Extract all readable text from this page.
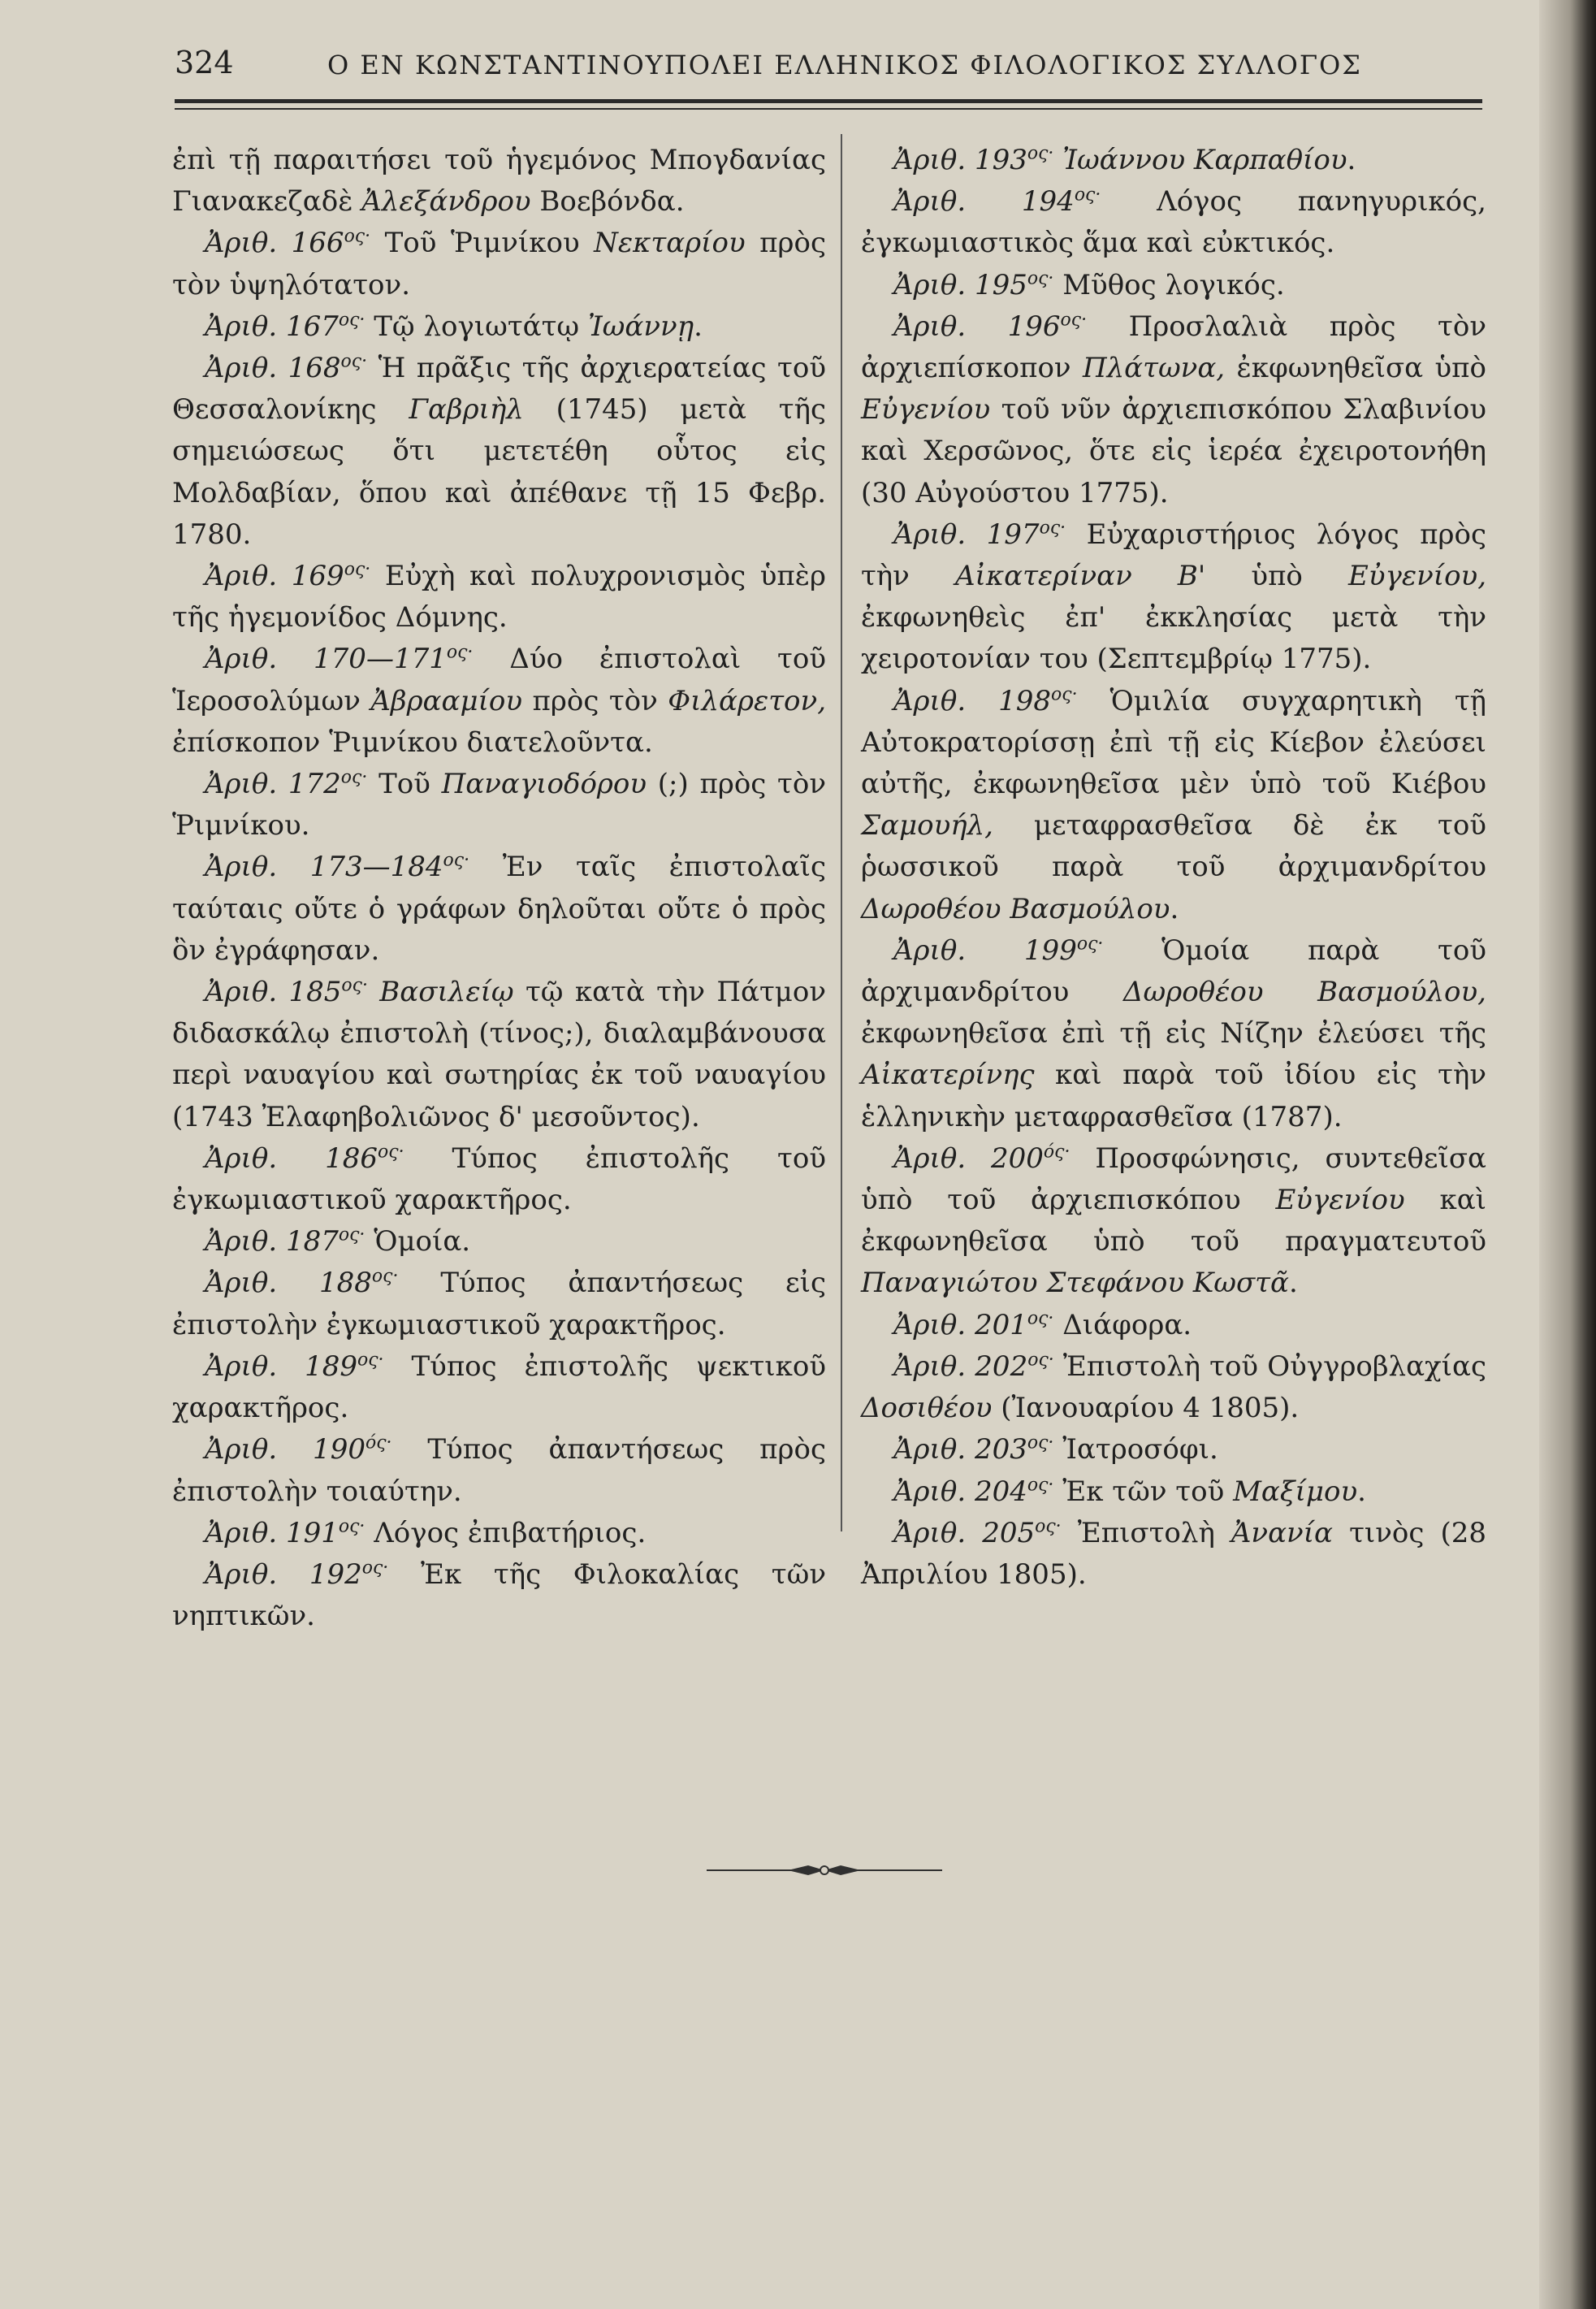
324	Ο ΕΝ ΚΩΝΣΤΑΝΤΙΝΟΥΠΟΛΕΙ ΕΛΛΗΝΙΚΟΣ ΦΙΛΟΛΟΓΙΚΟΣ ΣΥΛΛΟΓΟΣ

ἐπὶ τῇ παραιτήσει τοῦ ἡγεμόνος Μπογδανίας Γιανακεζαδὲ Ἀλεξάνδρου Βοεβόνδα.

Ἀριθ. $166^{o\varsigma\cdot}$ Τοῦ Ῥιμνίκου Νεκταρίου πρὸς τὸν ὑψηλότατον.

Ἀριθ. $167^{o\varsigma\cdot}$ Τῷ λογιωτάτῳ Ἰωάννῃ.

Ἀριθ. $168^{o\varsigma\cdot}$ Ἡ πρᾶξις τῆς ἀρχιερατείας τοῦ Θεσσαλονίκης Γαβριὴλ (1745) μετὰ τῆς σημειώσεως ὅτι μετετέθη οὗτος εἰς Μολδαβίαν, ὅπου καὶ ἀπέθανε τῇ 15 Φεβρ. 1780.

Ἀριθ. $169^{o\varsigma\cdot}$ Εὐχὴ καὶ πολυχρονισμὸς ὑπὲρ τῆς ἡγεμονίδος Δόμνης.

Ἀριθ. $170—171^{o\varsigma\cdot}$ Δύο ἐπιστολαὶ τοῦ Ἱεροσολύμων Ἀβρααμίου πρὸς τὸν Φιλάρετον, ἐπίσκοπον Ῥιμνίκου διατελοῦντα.

Ἀριθ. $172^{o\varsigma\cdot}$ Τοῦ Παναγιοδόρου (;) πρὸς τὸν Ῥιμνίκου.

Ἀριθ. $173—184^{o\varsigma\cdot}$ Ἐν ταῖς ἐπιστολαῖς ταύταις οὔτε ὁ γράφων δηλοῦται οὔτε ὁ πρὸς ὃν ἐγράφησαν.

Ἀριθ. $185^{o\varsigma\cdot}$ Βασιλείῳ τῷ κατὰ τὴν Πάτμον διδασκάλῳ ἐπιστολὴ (τίνος;), διαλαμβάνουσα περὶ ναυαγίου καὶ σωτηρίας ἐκ τοῦ ναυαγίου (1743 Ἐλαφηβολιῶνος δ' μεσοῦντος).

Ἀριθ. $186^{o\varsigma\cdot}$ Τύπος ἐπιστολῆς τοῦ ἐγκωμιαστικοῦ χαρακτῆρος.

Ἀριθ. $187^{o\varsigma\cdot}$ Ὁμοία.

Ἀριθ. $188^{o\varsigma\cdot}$ Τύπος ἀπαντήσεως εἰς ἐπιστολὴν ἐγκωμιαστικοῦ χαρακτῆρος.

Ἀριθ. $189^{o\varsigma\cdot}$ Τύπος ἐπιστολῆς ψεκτικοῦ χαρακτῆρος.

Ἀριθ. $190^{ό\varsigma\cdot}$ Τύπος ἀπαντήσεως πρὸς ἐπιστολὴν τοιαύτην.

Ἀριθ. $191^{o\varsigma\cdot}$ Λόγος ἐπιβατήριος.

Ἀριθ. $192^{o\varsigma\cdot}$ Ἐκ τῆς Φιλοκαλίας τῶν νηπτικῶν.

Ἀριθ. $193^{o\varsigma\cdot}$ Ἰωάννου Καρπαθίου.

Ἀριθ. $194^{o\varsigma\cdot}$ Λόγος πανηγυρικός, ἐγκωμιαστικὸς ἅμα καὶ εὐκτικός.

Ἀριθ. $195^{o\varsigma\cdot}$ Μῦθος λογικός.

Ἀριθ. $196^{o\varsigma\cdot}$ Προσλαλιὰ πρὸς τὸν ἀρχιεπίσκοπον Πλάτωνα, ἐκφωνηθεῖσα ὑπὸ Εὐγενίου τοῦ νῦν ἀρχιεπισκόπου Σλαβινίου καὶ Χερσῶνος, ὅτε εἰς ἱερέα ἐχειροτονήθη (30 Αὐγούστου 1775).

Ἀριθ. $197^{o\varsigma\cdot}$ Εὐχαριστήριος λόγος πρὸς τὴν Αἰκατερίναν Β' ὑπὸ Εὐγενίου, ἐκφωνηθεὶς ἐπ' ἐκκλησίας μετὰ τὴν χειροτονίαν του (Σεπτεμβρίῳ 1775).

Ἀριθ. $198^{o\varsigma\cdot}$ Ὁμιλία συγχαρητικὴ τῇ Αὐτοκρατορίσσῃ ἐπὶ τῇ εἰς Κίεβον ἐλεύσει αὐτῆς, ἐκφωνηθεῖσα μὲν ὑπὸ τοῦ Κιέβου Σαμουήλ, μεταφρασθεῖσα δὲ ἐκ τοῦ ῥωσσικοῦ παρὰ τοῦ ἀρχιμανδρίτου Δωροθέου Βασμούλου.

Ἀριθ. $199^{o\varsigma\cdot}$ Ὁμοία παρὰ τοῦ ἀρχιμανδρίτου Δωροθέου Βασμούλου, ἐκφωνηθεῖσα ἐπὶ τῇ εἰς Νίζην ἐλεύσει τῆς Αἰκατερίνης καὶ παρὰ τοῦ ἰδίου εἰς τὴν ἑλληνικὴν μεταφρασθεῖσα (1787).

Ἀριθ. $200^{ό\varsigma\cdot}$ Προσφώνησις, συντεθεῖσα ὑπὸ τοῦ ἀρχιεπισκόπου Εὐγενίου καὶ ἐκφωνηθεῖσα ὑπὸ τοῦ πραγματευτοῦ Παναγιώτου Στεφάνου Κωστᾶ.

Ἀριθ. $201^{o\varsigma\cdot}$ Διάφορα.

Ἀριθ. $202^{o\varsigma\cdot}$ Ἐπιστολὴ τοῦ Οὐγγροβλαχίας Δοσιθέου (Ἰανουαρίου 4 1805).

Ἀριθ. $203^{o\varsigma\cdot}$ Ἰατροσόφι.

Ἀριθ. $204^{o\varsigma\cdot}$ Ἐκ τῶν τοῦ Μαξίμου.

Ἀριθ. $205^{o\varsigma\cdot}$ Ἐπιστολὴ Ἀνανία τινὸς (28 Ἀπριλίου 1805).
